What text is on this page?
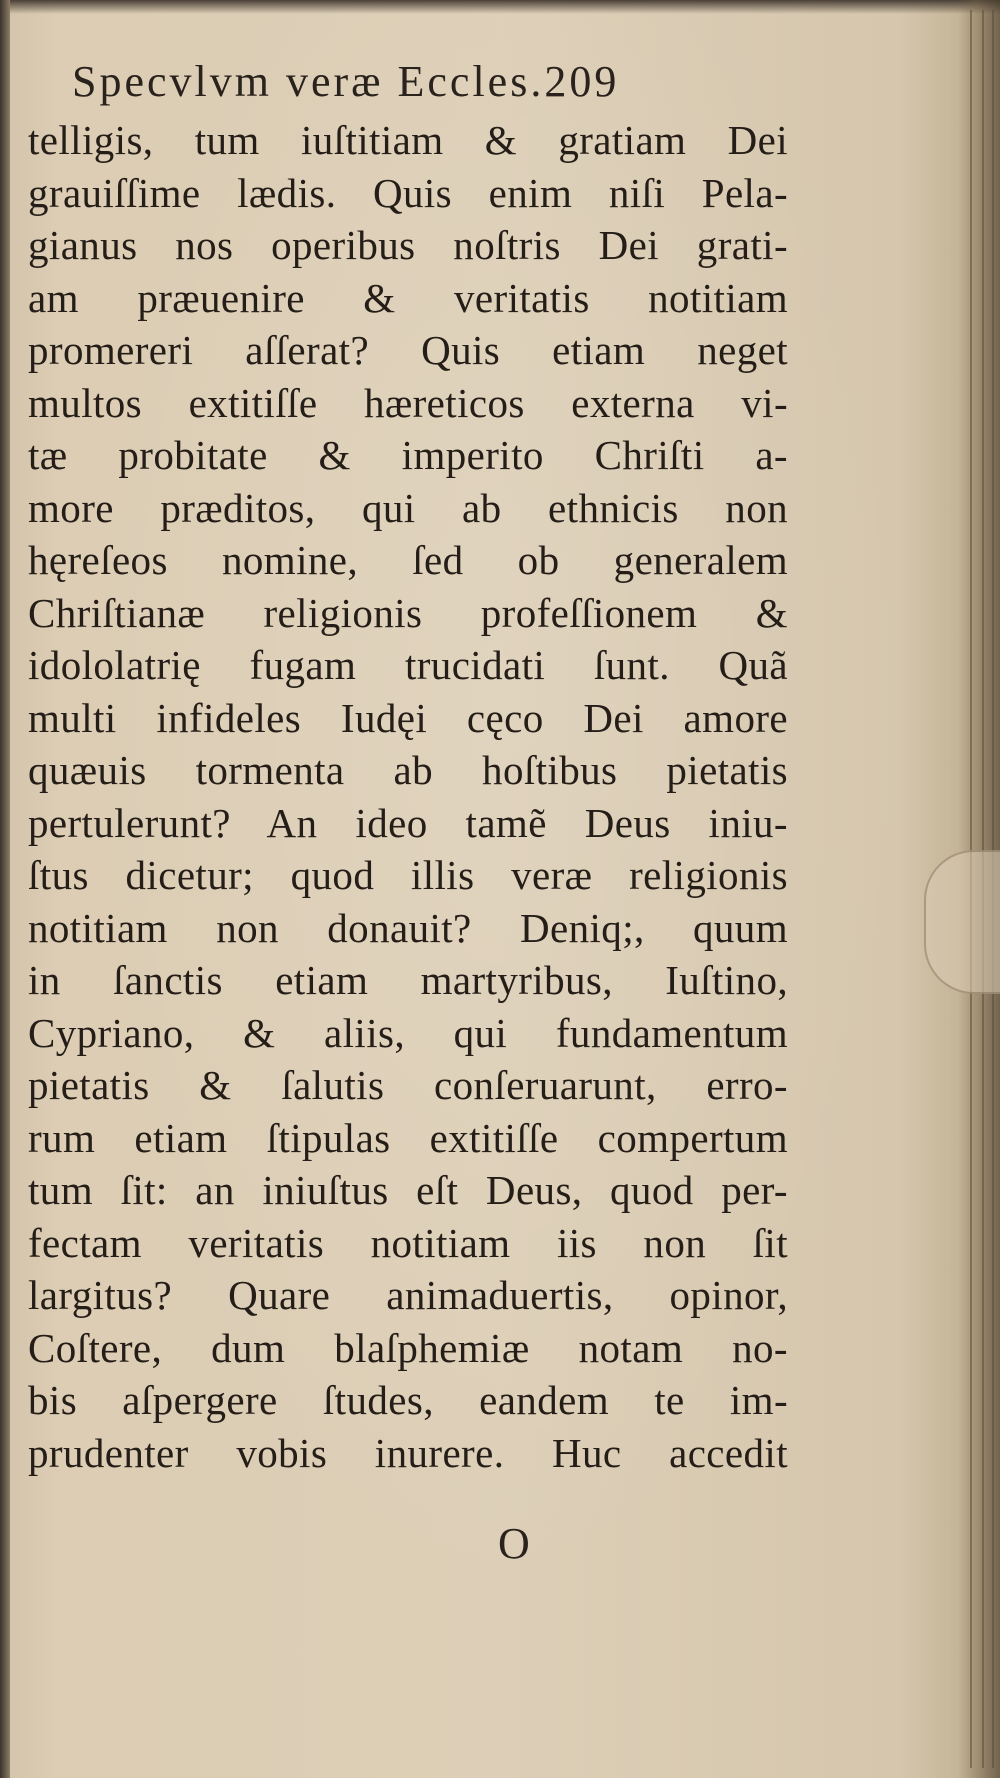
Specvlvm veræ Eccles.209
telligis, tum iuſtitiam & gratiam Dei
grauiſſime lædis. Quis enim niſi Pela-
gianus nos operibus noſtris Dei grati-
am præuenire & veritatis notitiam
promereri aſſerat? Quis etiam neget
multos extitiſſe hæreticos externa vi-
tæ probitate & imperito Chriſti a-
more præditos, qui ab ethnicis non
hęreſeos nomine, ſed ob generalem
Chriſtianæ religionis profeſſionem &
idololatrię fugam trucidati ſunt. Quã
multi infideles Iudęi cęco Dei amore
quæuis tormenta ab hoſtibus pietatis
pertulerunt? An ideo tamẽ Deus iniu-
ſtus dicetur; quod illis veræ religionis
notitiam non donauit? Deniq;, quum
in ſanctis etiam martyribus, Iuſtino,
Cypriano, & aliis, qui fundamentum
pietatis & ſalutis conſeruarunt, erro-
rum etiam ſtipulas extitiſſe compertum
tum ſit: an iniuſtus eſt Deus, quod per-
fectam veritatis notitiam iis non ſit
largitus? Quare animaduertis, opinor,
Coſtere, dum blaſphemiæ notam no-
bis aſpergere ſtudes, eandem te im-
prudenter vobis inurere. Huc accedit
O
